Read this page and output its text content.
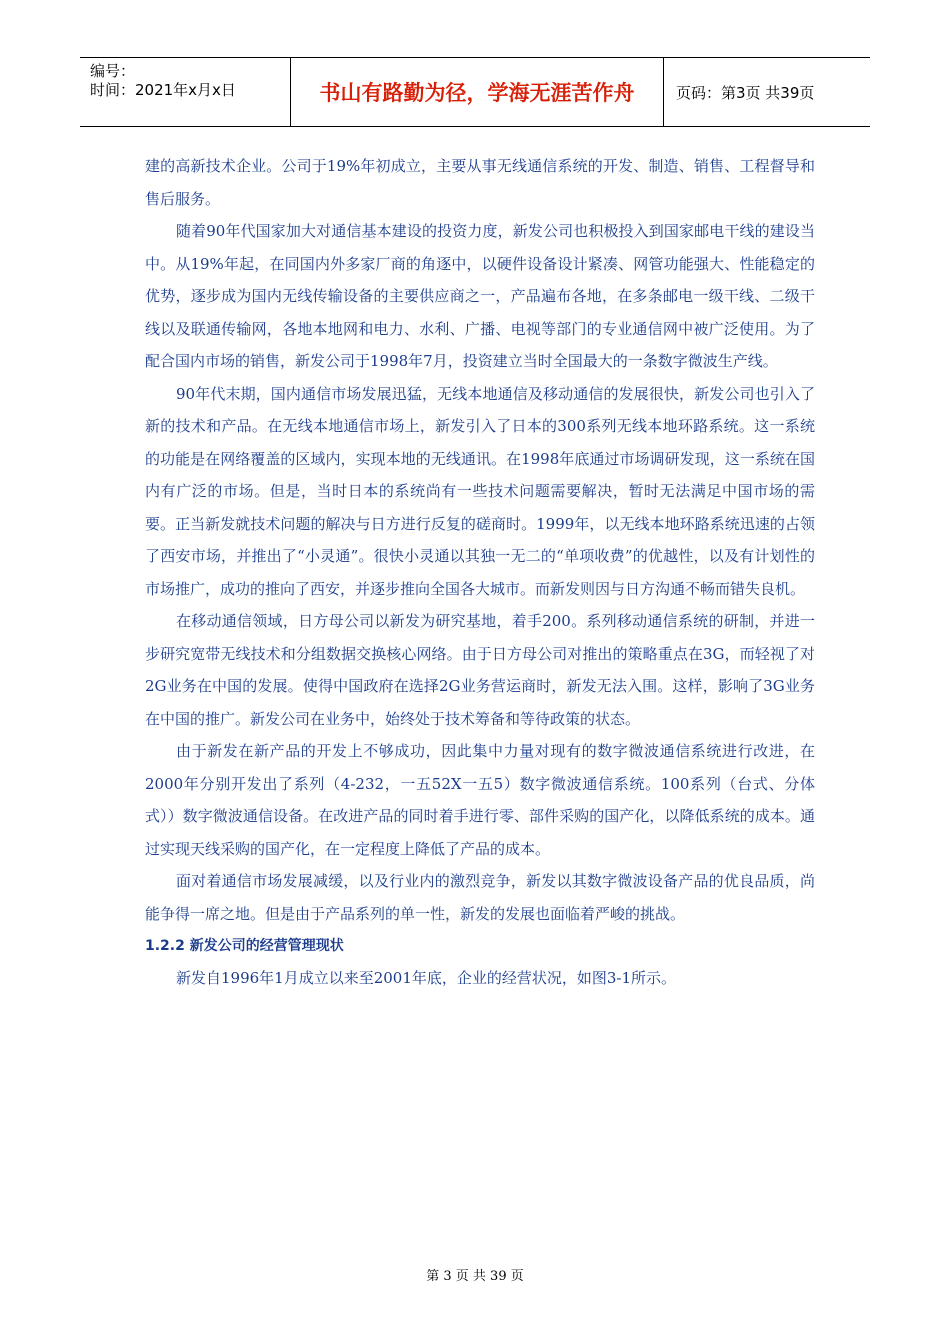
编号：
时间：2021年x月x日	书山有路勤为径，学海无涯苦作舟	页码：第3页 共39页

建的高新技术企业。公司于19%年初成立，主要从事无线通信系统的开发、制造、销售、工程督导和售后服务。

随着90年代国家加大对通信基本建设的投资力度，新发公司也积极投入到国家邮电干线的建设当中。从19%年起，在同国内外多家厂商的角逐中，以硬件设备设计紧凑、网管功能强大、性能稳定的优势，逐步成为国内无线传输设备的主要供应商之一，产品遍布各地，在多条邮电一级干线、二级干线以及联通传输网，各地本地网和电力、水利、广播、电视等部门的专业通信网中被广泛使用。为了配合国内市场的销售，新发公司于1998年7月，投资建立当时全国最大的一条数字微波生产线。

90年代末期，国内通信市场发展迅猛，无线本地通信及移动通信的发展很快，新发公司也引入了新的技术和产品。在无线本地通信市场上，新发引入了日本的300系列无线本地环路系统。这一系统的功能是在网络覆盖的区域内，实现本地的无线通讯。在1998年底通过市场调研发现，这一系统在国内有广泛的市场。但是，当时日本的系统尚有一些技术问题需要解决，暂时无法满足中国市场的需要。正当新发就技术问题的解决与日方进行反复的磋商时。1999年，以无线本地环路系统迅速的占领了西安市场，并推出了“小灵通”。很快小灵通以其独一无二的“单项收费”的优越性，以及有计划性的市场推广，成功的推向了西安，并逐步推向全国各大城市。而新发则因与日方沟通不畅而错失良机。

在移动通信领域，日方母公司以新发为研究基地，着手200。系列移动通信系统的研制，并进一步研究宽带无线技术和分组数据交换核心网络。由于日方母公司对推出的策略重点在3G，而轻视了对2G业务在中国的发展。使得中国政府在选择2G业务营运商时，新发无法入围。这样，影响了3G业务在中国的推广。新发公司在业务中，始终处于技术筹备和等待政策的状态。

由于新发在新产品的开发上不够成功，因此集中力量对现有的数字微波通信系统进行改进，在2000年分别开发出了系列（4-232，一五52X一五5）数字微波通信系统。100系列（台式、分体式））数字微波通信设备。在改进产品的同时着手进行零、部件采购的国产化，以降低系统的成本。通过实现天线采购的国产化，在一定程度上降低了产品的成本。

面对着通信市场发展减缓，以及行业内的激烈竞争，新发以其数字微波设备产品的优良品质，尚能争得一席之地。但是由于产品系列的单一性，新发的发展也面临着严峻的挑战。

1.2.2 新发公司的经营管理现状

新发自1996年1月成立以来至2001年底，企业的经营状况，如图3-1所示。

第 3 页 共 39 页
